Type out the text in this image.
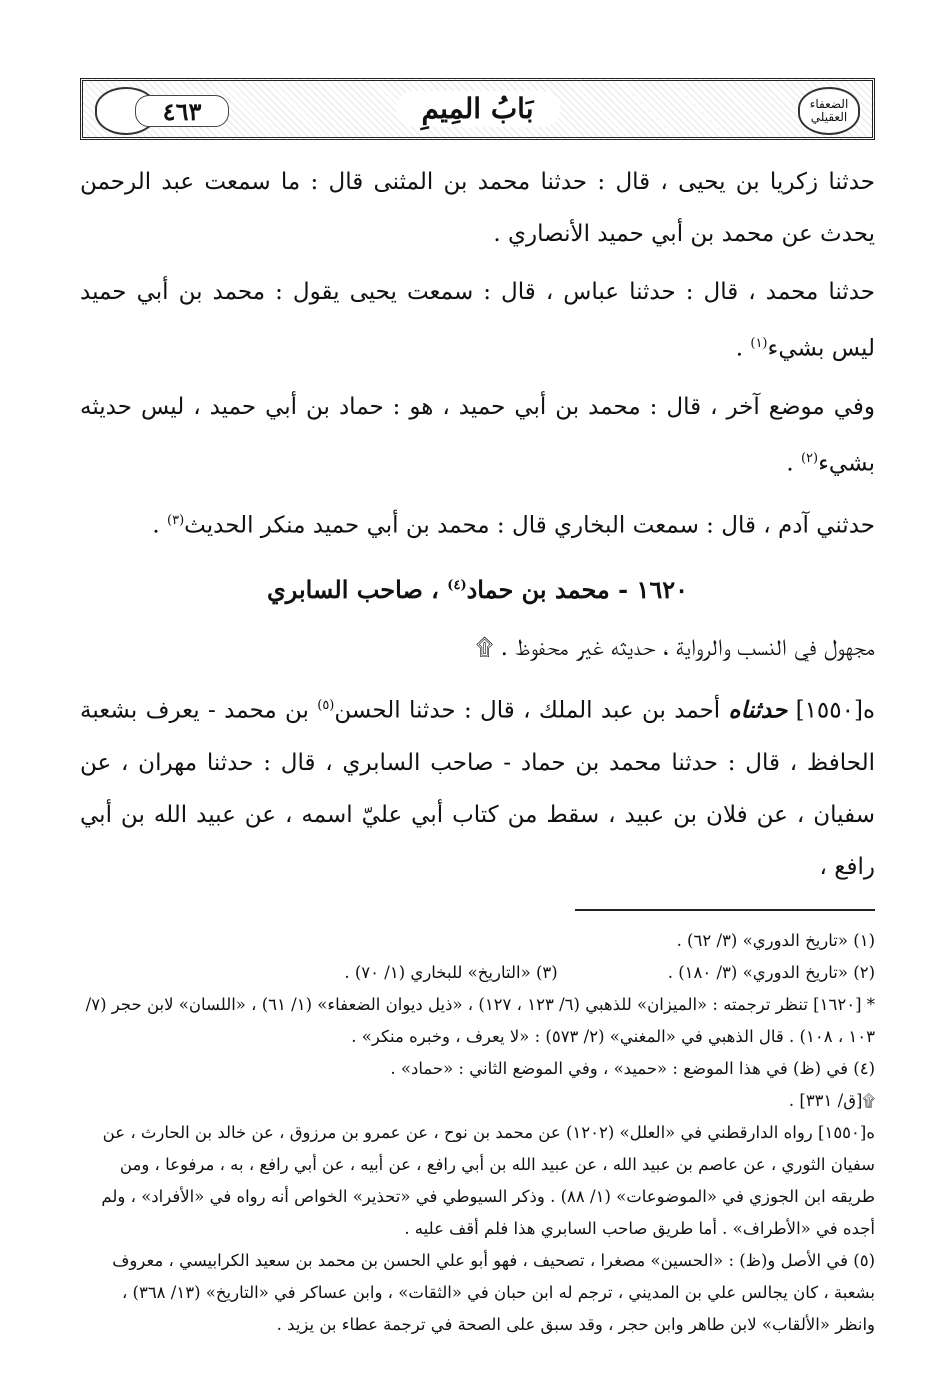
الضعفاء العقيلي
بَابُ المِيمِ
٤٦٣

حدثنا زكريا بن يحيى ، قال : حدثنا محمد بن المثنى قال : ما سمعت عبد الرحمن يحدث عن محمد بن أبي حميد الأنصاري .

حدثنا محمد ، قال : حدثنا عباس ، قال : سمعت يحيى يقول : محمد بن أبي حميد ليس بشيء$^{(١)}$ .

وفي موضع آخر ، قال : محمد بن أبي حميد ، هو : حماد بن أبي حميد ، ليس حديثه بشيء$^{(٢)}$ .

حدثني آدم ، قال : سمعت البخاري قال : محمد بن أبي حميد منكر الحديث$^{(٣)}$ .

١٦٢٠ - محمد بن حماد$^{(٤)}$ ، صاحب السابري

مجهول في النسب والرواية ، حديثه غير محفوظ . ۩

ه[١٥٥٠] حدثناه أحمد بن عبد الملك ، قال : حدثنا الحسن$^{(٥)}$ بن محمد - يعرف بشعبة الحافظ ، قال : حدثنا محمد بن حماد - صاحب السابري ، قال : حدثنا مهران ، عن سفيان ، عن فلان بن عبيد ، سقط من كتاب أبي عليّ اسمه ، عن عبيد الله بن أبي رافع ،

(١) «تاريخ الدوري» (٣/ ٦٢) .

(٢) «تاريخ الدوري» (٣/ ١٨٠) .
(٣) «التاريخ» للبخاري (١/ ٧٠) .

* [١٦٢٠] تنظر ترجمته : «الميزان» للذهبي (٦/ ١٢٣ ، ١٢٧) ، «ذيل ديوان الضعفاء» (١/ ٦١) ، «اللسان» لابن حجر (٧/ ١٠٣ ، ١٠٨) . قال الذهبي في «المغني» (٢/ ٥٧٣) : «لا يعرف ، وخبره منكر» .

(٤) في (ظ) في هذا الموضع : «حميد» ، وفي الموضع الثاني : «حماد» .

۩[ق/ ٣٣١] .

ه[١٥٥٠] رواه الدارقطني في «العلل» (١٢٠٢) عن محمد بن نوح ، عن عمرو بن مرزوق ، عن خالد بن الحارث ، عن سفيان الثوري ، عن عاصم بن عبيد الله ، عن عبيد الله بن أبي رافع ، عن أبيه ، عن أبي رافع ، به ، مرفوعا ، ومن طريقه ابن الجوزي في «الموضوعات» (١/ ٨٨) . وذكر السيوطي في «تحذير» الخواص أنه رواه في «الأفراد» ، ولم أجده في «الأطراف» . أما طريق صاحب السابري هذا فلم أقف عليه .

(٥) في الأصل و(ظ) : «الحسين» مصغرا ، تصحيف ، فهو أبو علي الحسن بن محمد بن سعيد الكرابيسي ، معروف بشعبة ، كان يجالس علي بن المديني ، ترجم له ابن حبان في «الثقات» ، وابن عساكر في «التاريخ» (١٣/ ٣٦٨) ، وانظر «الألقاب» لابن طاهر وابن حجر ، وقد سبق على الصحة في ترجمة عطاء بن يزيد .
